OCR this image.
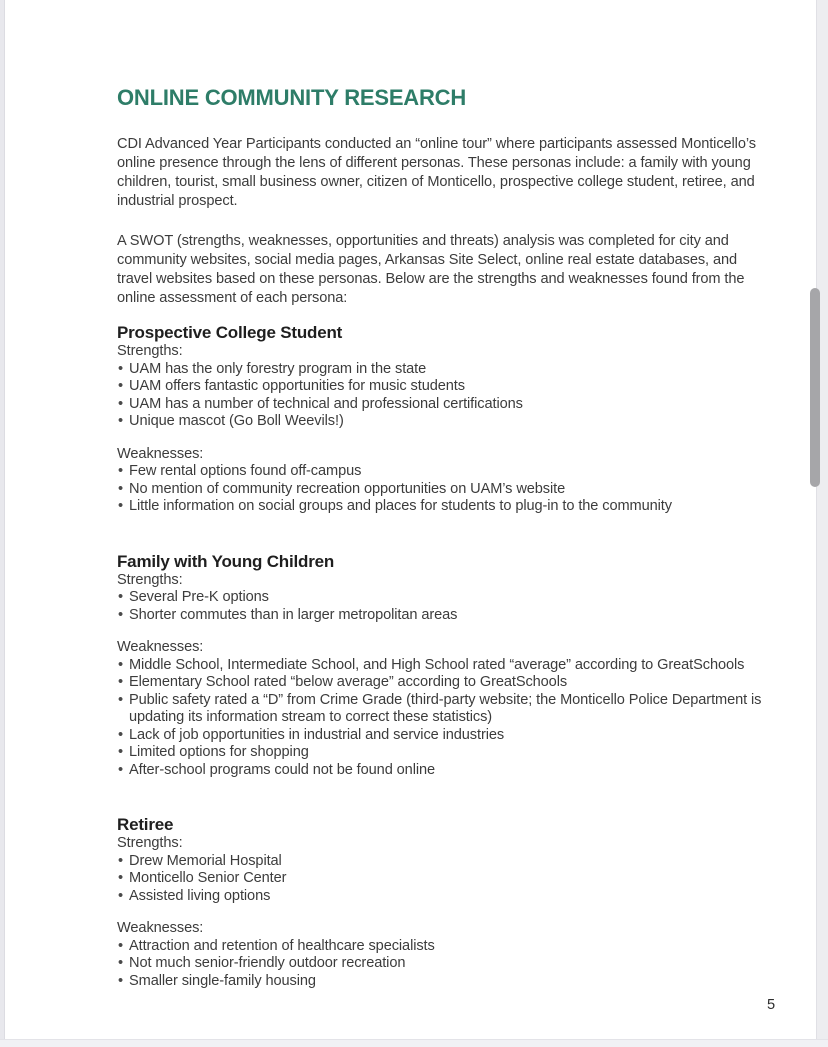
ONLINE COMMUNITY RESEARCH

CDI Advanced Year Participants conducted an “online tour” where participants assessed Monticello’s online presence through the lens of different personas. These personas include: a family with young children, tourist, small business owner, citizen of Monticello, prospective college student, retiree, and industrial prospect.

A SWOT (strengths, weaknesses, opportunities and threats) analysis was completed for city and community websites, social media pages, Arkansas Site Select, online real estate databases, and travel websites based on these personas. Below are the strengths and weaknesses found from the online assessment of each persona:

Prospective College Student
Strengths:
• UAM has the only forestry program in the state
• UAM offers fantastic opportunities for music students
• UAM has a number of technical and professional certifications
• Unique mascot (Go Boll Weevils!)
Weaknesses:
• Few rental options found off-campus
• No mention of community recreation opportunities on UAM’s website
• Little information on social groups and places for students to plug-in to the community
Family with Young Children
Strengths:
• Several Pre-K options
• Shorter commutes than in larger metropolitan areas
Weaknesses:
• Middle School, Intermediate School, and High School rated “average” according to GreatSchools
• Elementary School rated “below average” according to GreatSchools
• Public safety rated a “D” from Crime Grade (third-party website; the Monticello Police Department is updating its information stream to correct these statistics)
• Lack of job opportunities in industrial and service industries
• Limited options for shopping
• After-school programs could not be found online
Retiree
Strengths:
• Drew Memorial Hospital
• Monticello Senior Center
• Assisted living options
Weaknesses:
• Attraction and retention of healthcare specialists
• Not much senior-friendly outdoor recreation
• Smaller single-family housing
5
